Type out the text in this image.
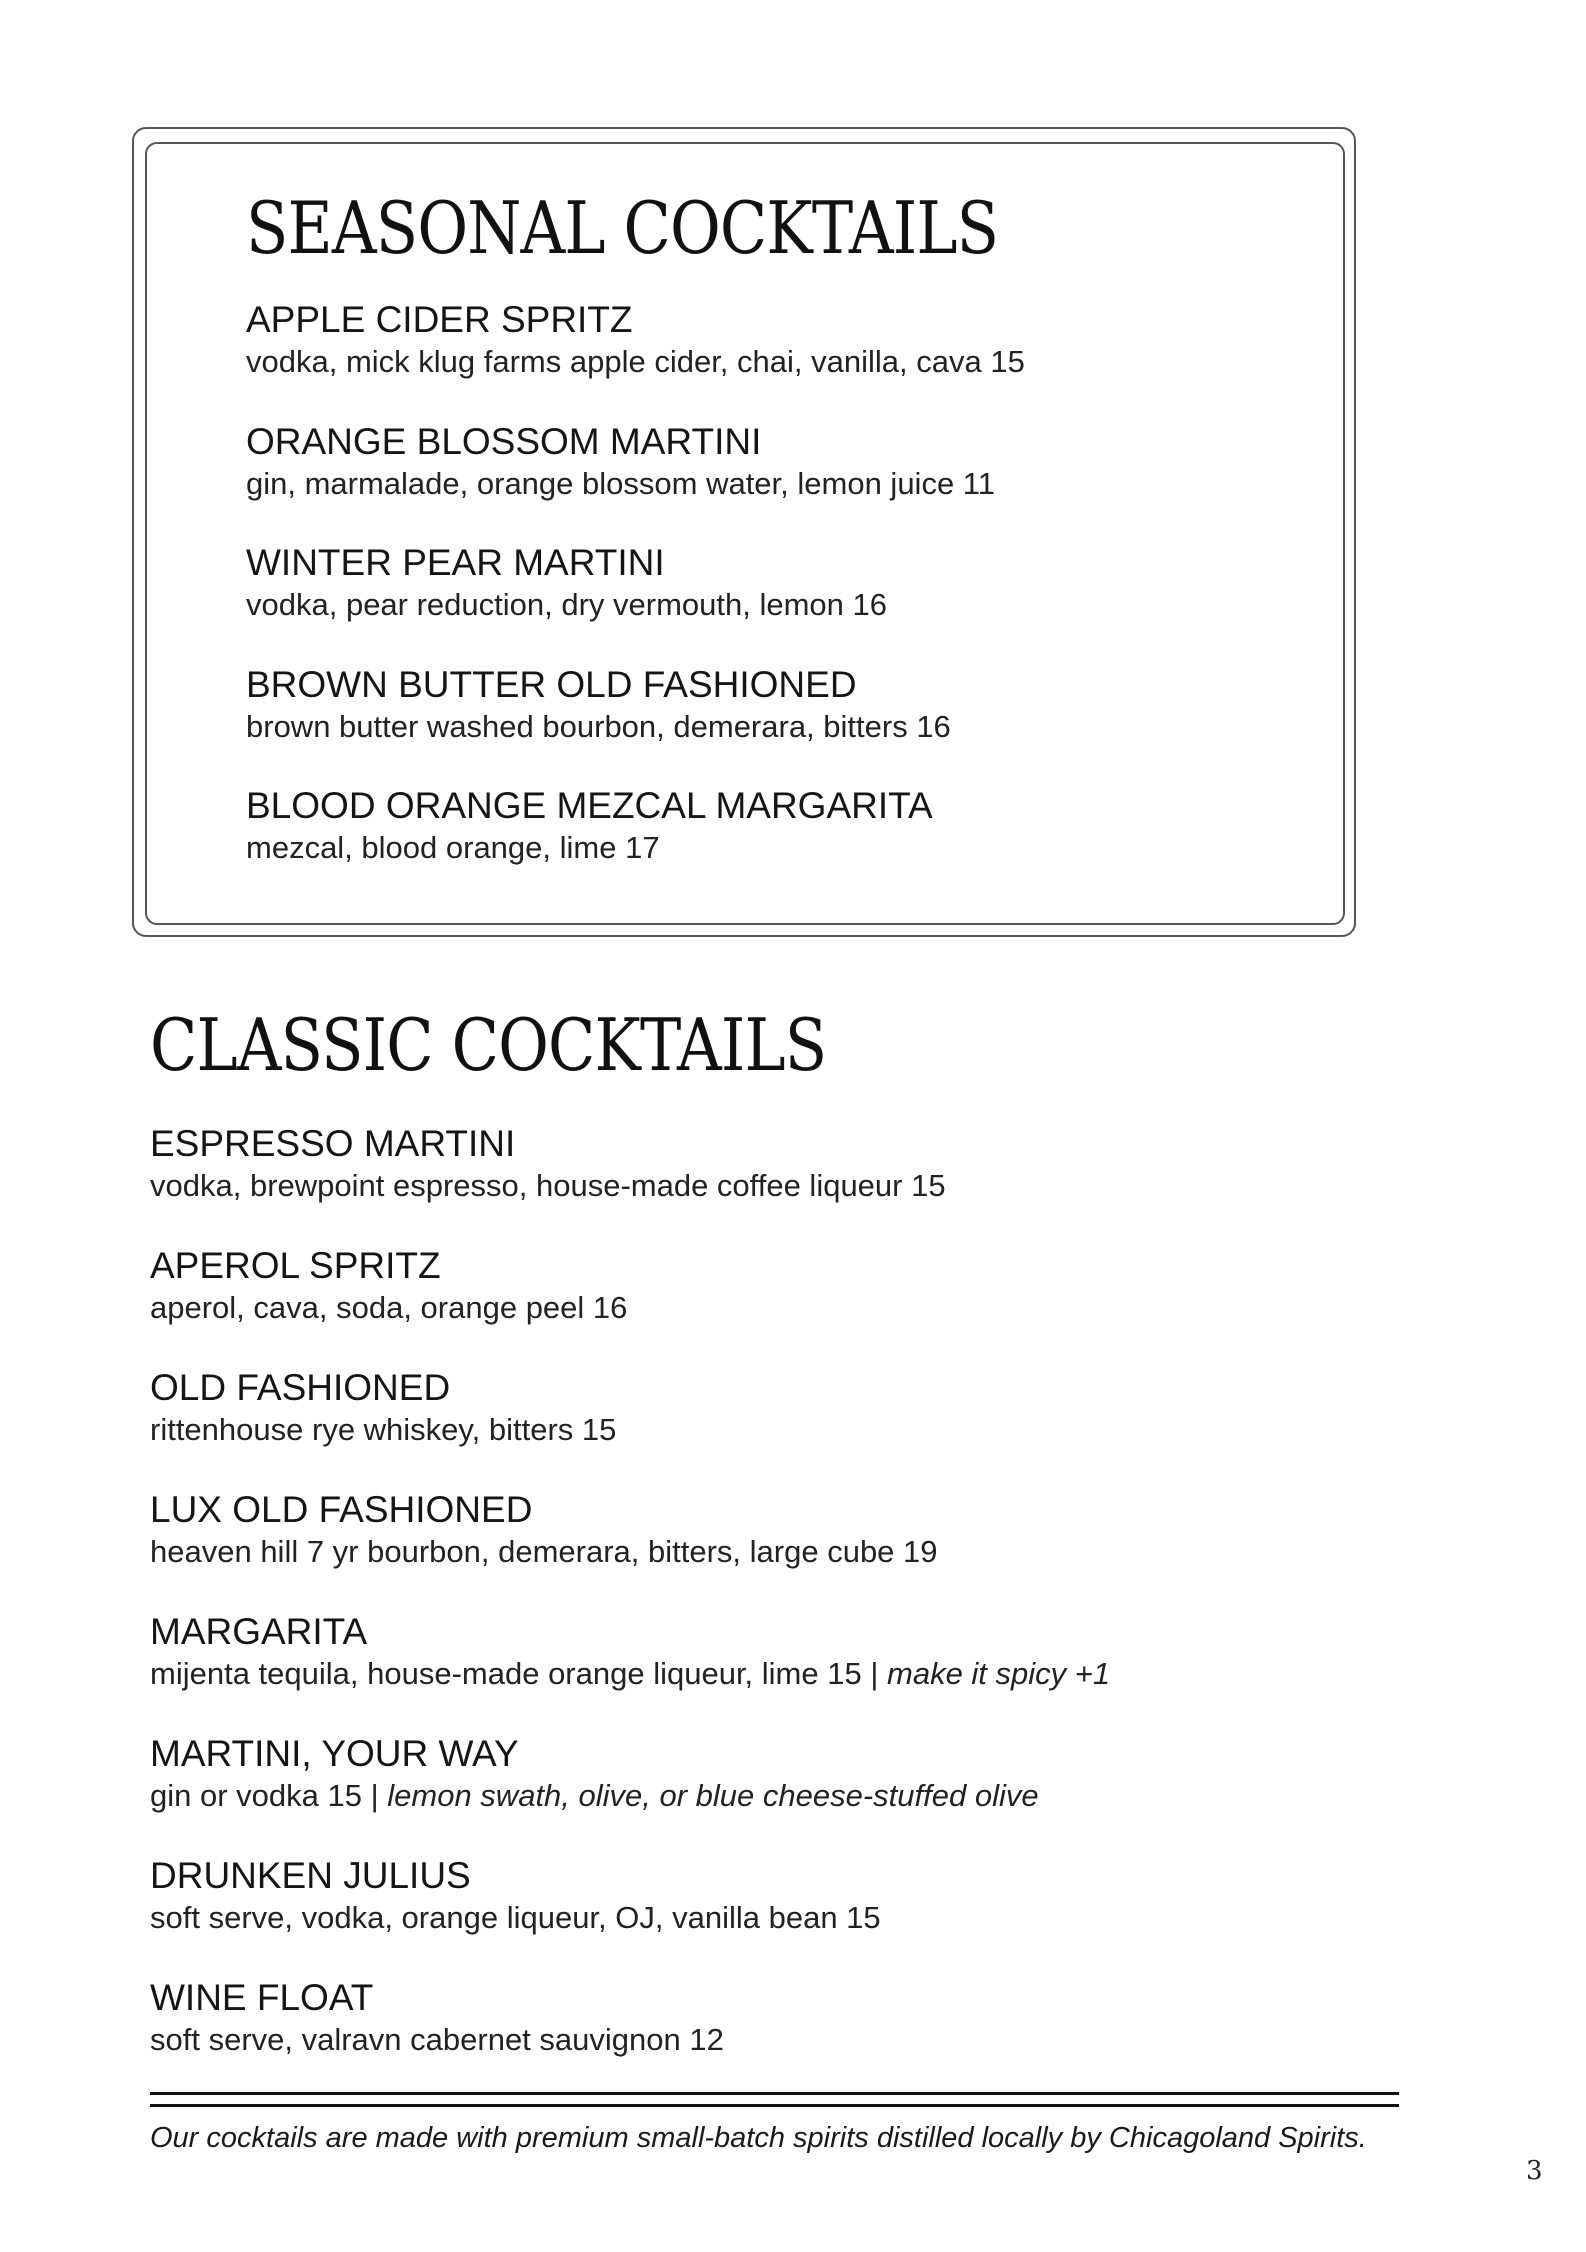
SEASONAL COCKTAILS
APPLE CIDER SPRITZ
vodka, mick klug farms apple cider, chai, vanilla, cava 15
ORANGE BLOSSOM MARTINI
gin, marmalade, orange blossom water, lemon juice 11
WINTER PEAR MARTINI
vodka, pear reduction, dry vermouth, lemon 16
BROWN BUTTER OLD FASHIONED
brown butter washed bourbon, demerara, bitters 16
BLOOD ORANGE MEZCAL MARGARITA
mezcal, blood orange, lime 17
CLASSIC COCKTAILS
ESPRESSO MARTINI
vodka, brewpoint espresso, house-made coffee liqueur 15
APEROL SPRITZ
aperol, cava, soda, orange peel 16
OLD FASHIONED
rittenhouse rye whiskey, bitters 15
LUX OLD FASHIONED
heaven hill 7 yr bourbon, demerara, bitters, large cube 19
MARGARITA
mijenta tequila, house-made orange liqueur, lime 15 | make it spicy +1
MARTINI, YOUR WAY
gin or vodka 15 | lemon swath, olive, or blue cheese-stuffed olive
DRUNKEN JULIUS
soft serve, vodka, orange liqueur, OJ, vanilla bean 15
WINE FLOAT
soft serve, valravn cabernet sauvignon 12
Our cocktails are made with premium small-batch spirits distilled locally by Chicagoland Spirits.
3
